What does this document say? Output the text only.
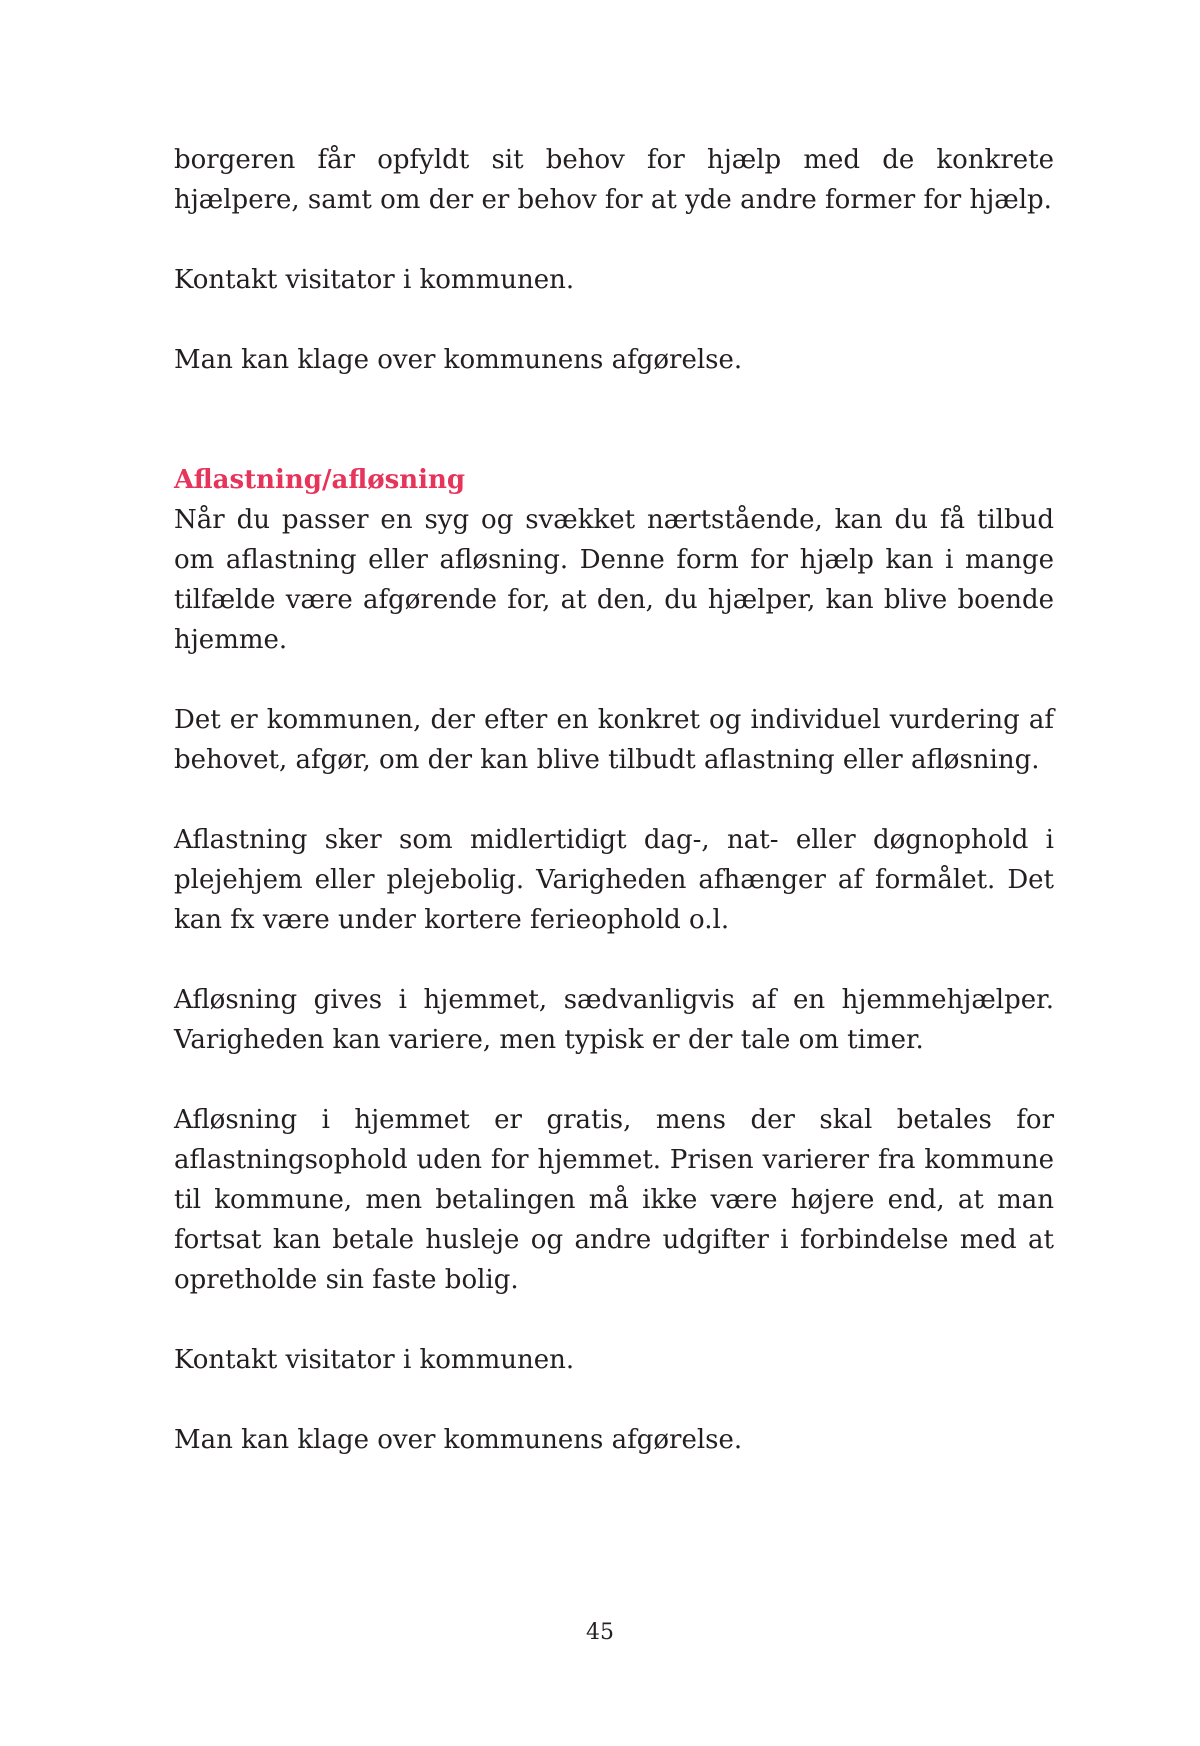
borgeren får opfyldt sit behov for hjælp med de konkrete hjælpere, samt om der er behov for at yde andre former for hjælp.

Kontakt visitator i kommunen.

Man kan klage over kommunens afgørelse.

Aflastning/afløsning

Når du passer en syg og svækket nærtstående, kan du få tilbud om aflastning eller afløsning. Denne form for hjælp kan i mange tilfælde være afgørende for, at den, du hjælper, kan blive boende hjemme.

Det er kommunen, der efter en konkret og individuel vurdering af behovet, afgør, om der kan blive tilbudt aflastning eller afløsning.

Aflastning sker som midlertidigt dag-, nat- eller døgnophold i plejehjem eller plejebolig. Varigheden afhænger af formålet. Det kan fx være under kortere ferieophold o.l.

Afløsning gives i hjemmet, sædvanligvis af en hjemmehjælper. Varigheden kan variere, men typisk er der tale om timer.

Afløsning i hjemmet er gratis, mens der skal betales for aflastningsophold uden for hjemmet. Prisen varierer fra kommune til kommune, men betalingen må ikke være højere end, at man fortsat kan betale husleje og andre udgifter i forbindelse med at opretholde sin faste bolig.

Kontakt visitator i kommunen.

Man kan klage over kommunens afgørelse.

45
